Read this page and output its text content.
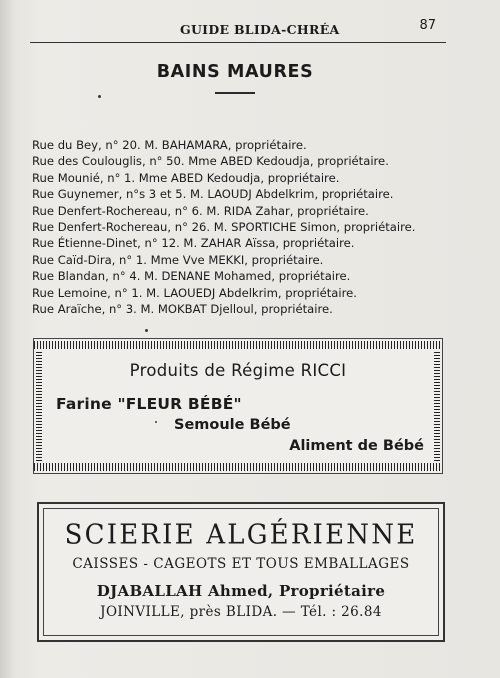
GUIDE BLIDA-CHRÉA	87
BAINS MAURES
Rue du Bey, n° 20. M. BAHAMARA, propriétaire.
Rue des Coulouglis, n° 50. Mme ABED Kedoudja, propriétaire.
Rue Mounié, n° 1. Mme ABED Kedoudja, propriétaire.
Rue Guynemer, n°s 3 et 5. M. LAOUDJ Abdelkrim, propriétaire.
Rue Denfert-Rochereau, n° 6. M. RIDA Zahar, propriétaire.
Rue Denfert-Rochereau, n° 26. M. SPORTICHE Simon, propriétaire.
Rue Étienne-Dinet, n° 12. M. ZAHAR Aïssa, propriétaire.
Rue Caïd-Dira, n° 1. Mme Vve MEKKI, propriétaire.
Rue Blandan, n° 4. M. DENANE Mohamed, propriétaire.
Rue Lemoine, n° 1. M. LAOUEDJ Abdelkrim, propriétaire.
Rue Araïche, n° 3. M. MOKBAT Djelloul, propriétaire.
Produits de Régime RICCI
Farine "FLEUR BÉBÉ"
Semoule Bébé
Aliment de Bébé
SCIERIE ALGÉRIENNE
CAISSES - CAGEOTS ET TOUS EMBALLAGES
DJABALLAH Ahmed, Propriétaire
JOINVILLE, près BLIDA. — Tél. : 26.84
